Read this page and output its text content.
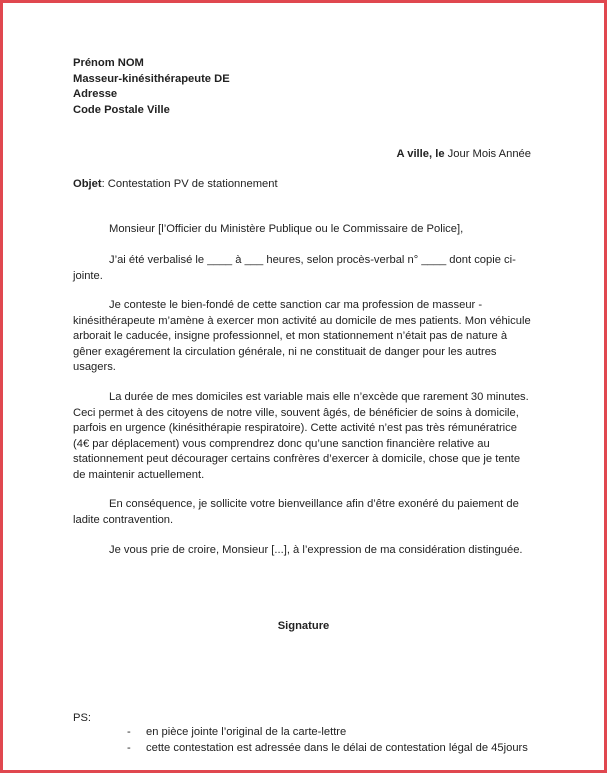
Prénom NOM
Masseur-kinésithérapeute DE
Adresse
Code Postale Ville
A ville, le Jour Mois Année
Objet: Contestation PV de stationnement

Monsieur [l’Officier du Ministère Publique ou le Commissaire de Police],

J’ai été verbalisé le ____ à ___ heures, selon procès-verbal n° ____ dont copie ci-jointe.

Je conteste le bien-fondé de cette sanction car ma profession de masseur - kinésithérapeute m’amène à exercer mon activité au domicile de mes patients. Mon véhicule arborait le caducée, insigne professionnel, et mon stationnement n’était pas de nature à gêner exagérement la circulation générale, ni ne constituait de danger pour les autres usagers.

La durée de mes domiciles est variable mais elle n’excède que rarement 30 minutes. Ceci permet à des citoyens de notre ville, souvent âgés, de bénéficier de soins à domicile, parfois en urgence (kinésithérapie respiratoire). Cette activité n’est pas très rémunératrice (4€ par déplacement) vous comprendrez donc qu’une sanction financière relative au stationnement peut décourager certains confrères d’exercer à domicile, chose que je tente de maintenir actuellement.

En conséquence, je sollicite votre bienveillance afin d’être exonéré du paiement de ladite contravention.

Je vous prie de croire, Monsieur [...], à l’expression de ma considération distinguée.

Signature
PS:
- en pièce jointe l’original de la carte-lettre
- cette contestation est adressée dans le délai de contestation légal de 45jours
